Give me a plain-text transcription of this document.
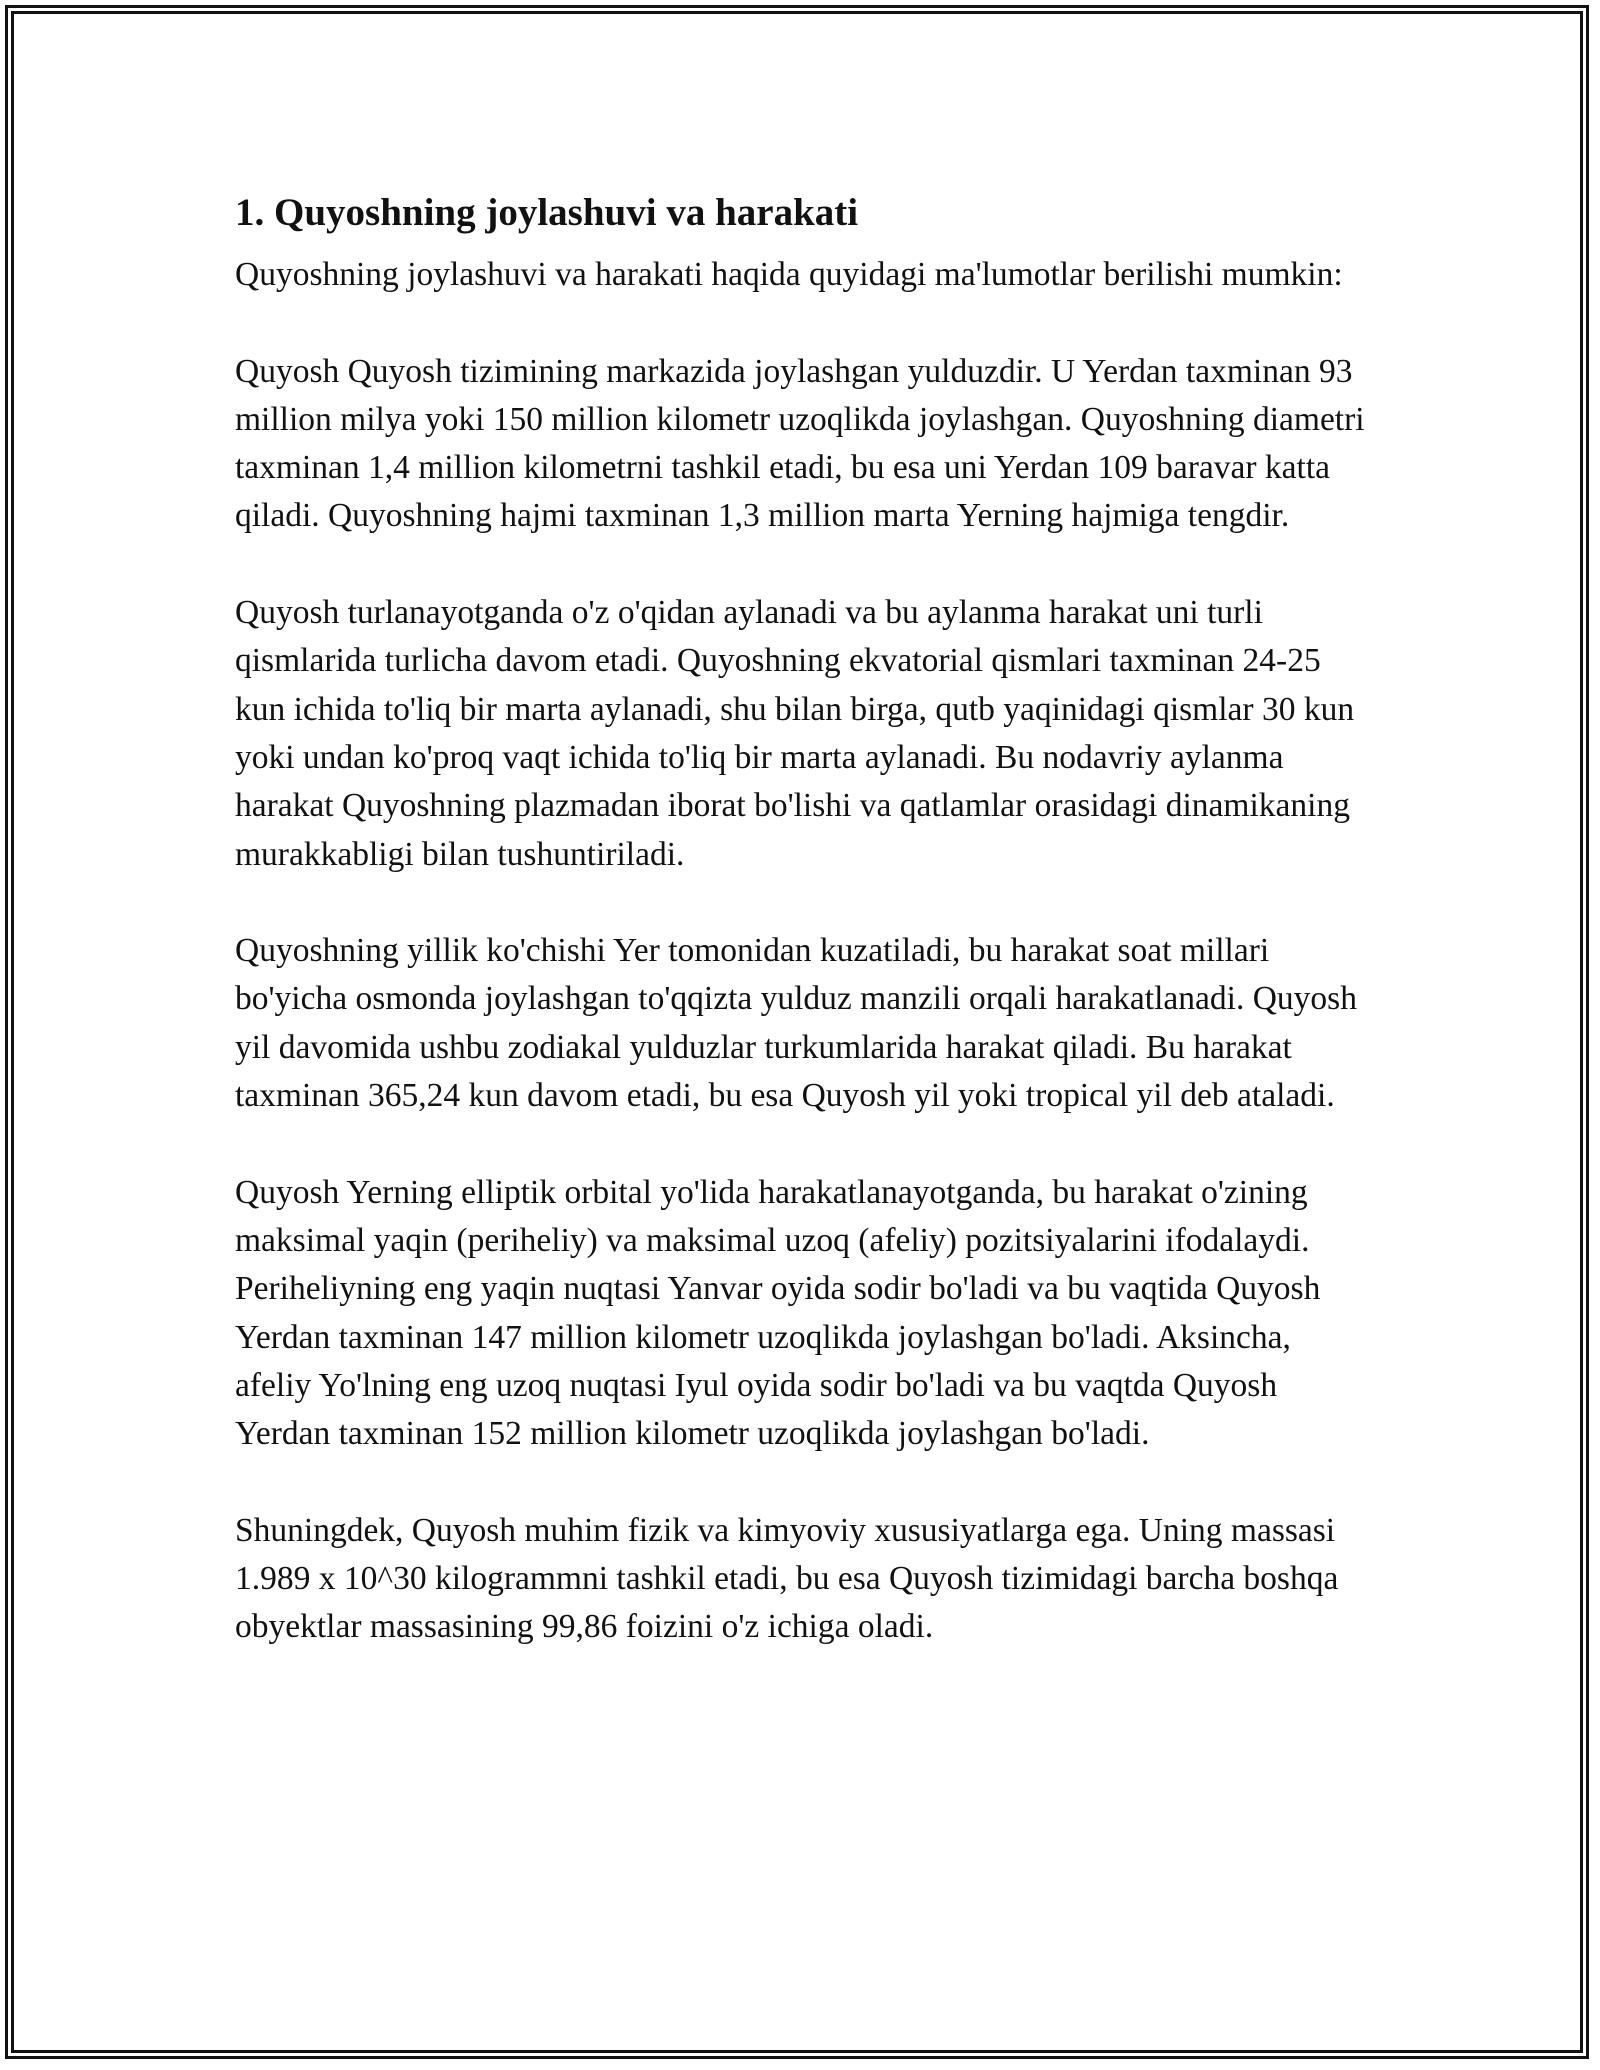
1. Quyoshning joylashuvi va harakati

Quyoshning joylashuvi va harakati haqida quyidagi ma'lumotlar berilishi mumkin:

Quyosh Quyosh tizimining markazida joylashgan yulduzdir. U Yerdan taxminan 93 million milya yoki 150 million kilometr uzoqlikda joylashgan. Quyoshning diametri taxminan 1,4 million kilometrni tashkil etadi, bu esa uni Yerdan 109 baravar katta qiladi. Quyoshning hajmi taxminan 1,3 million marta Yerning hajmiga tengdir.

Quyosh turlanayotganda o'z o'qidan aylanadi va bu aylanma harakat uni turli qismlarida turlicha davom etadi. Quyoshning ekvatorial qismlari taxminan 24-25 kun ichida to'liq bir marta aylanadi, shu bilan birga, qutb yaqinidagi qismlar 30 kun yoki undan ko'proq vaqt ichida to'liq bir marta aylanadi. Bu nodavriy aylanma harakat Quyoshning plazmadan iborat bo'lishi va qatlamlar orasidagi dinamikaning murakkabligi bilan tushuntiriladi.

Quyoshning yillik ko'chishi Yer tomonidan kuzatiladi, bu harakat soat millari bo'yicha osmonda joylashgan to'qqizta yulduz manzili orqali harakatlanadi. Quyosh yil davomida ushbu zodiakal yulduzlar turkumlarida harakat qiladi. Bu harakat taxminan 365,24 kun davom etadi, bu esa Quyosh yil yoki tropical yil deb ataladi.

Quyosh Yerning elliptik orbital yo'lida harakatlanayotganda, bu harakat o'zining maksimal yaqin (periheliy) va maksimal uzoq (afeliy) pozitsiyalarini ifodalaydi. Periheliyning eng yaqin nuqtasi Yanvar oyida sodir bo'ladi va bu vaqtida Quyosh Yerdan taxminan 147 million kilometr uzoqlikda joylashgan bo'ladi. Aksincha, afeliy Yo'lning eng uzoq nuqtasi Iyul oyida sodir bo'ladi va bu vaqtda Quyosh Yerdan taxminan 152 million kilometr uzoqlikda joylashgan bo'ladi.

Shuningdek, Quyosh muhim fizik va kimyoviy xususiyatlarga ega. Uning massasi 1.989 x 10^30 kilogrammni tashkil etadi, bu esa Quyosh tizimidagi barcha boshqa obyektlar massasining 99,86 foizini o'z ichiga oladi.
